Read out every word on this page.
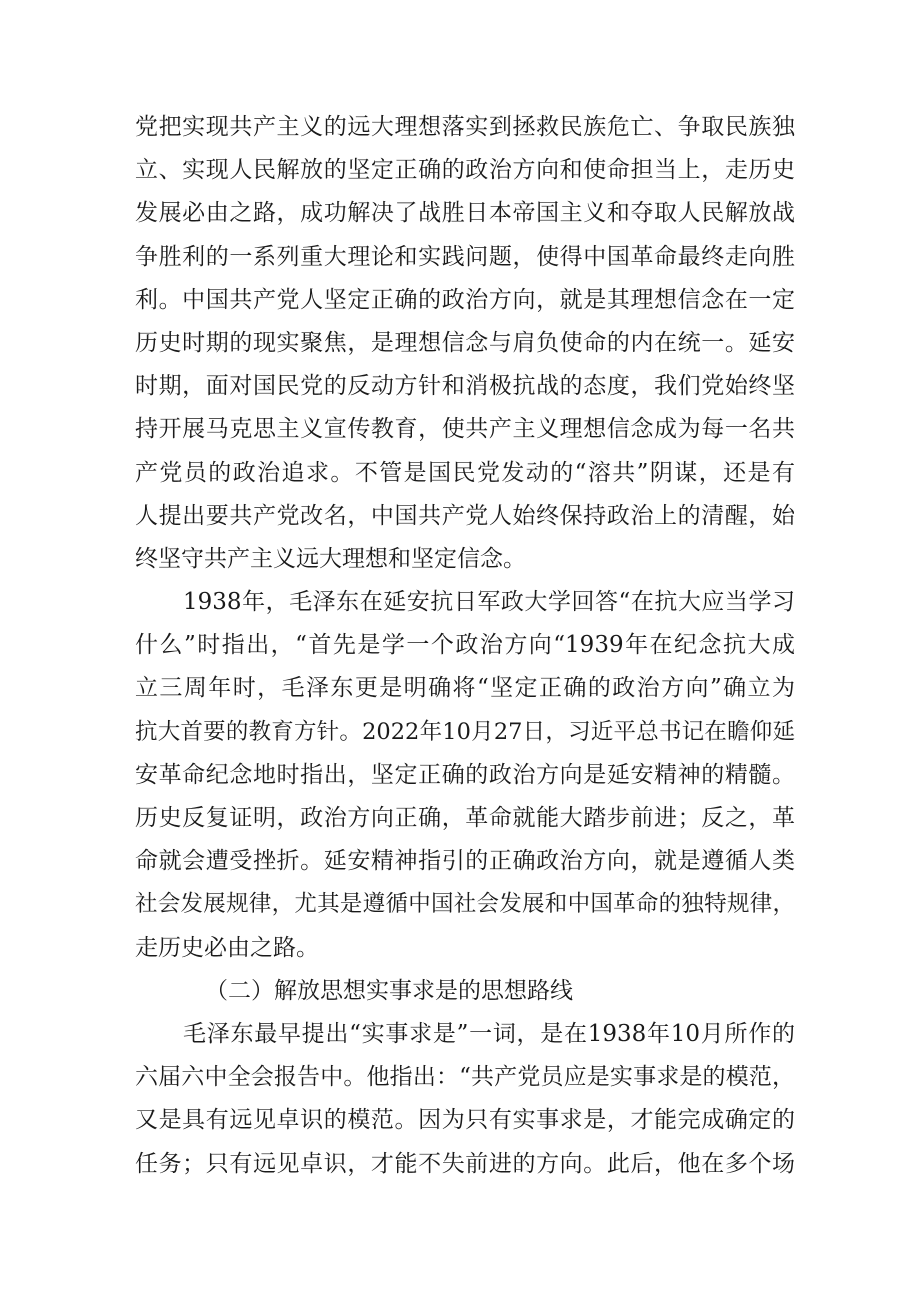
党把实现共产主义的远大理想落实到拯救民族危亡、争取民族独
立、实现人民解放的坚定正确的政治方向和使命担当上，走历史
发展必由之路，成功解决了战胜日本帝国主义和夺取人民解放战
争胜利的一系列重大理论和实践问题，使得中国革命最终走向胜
利。中国共产党人坚定正确的政治方向，就是其理想信念在一定
历史时期的现实聚焦，是理想信念与肩负使命的内在统一。延安
时期，面对国民党的反动方针和消极抗战的态度，我们党始终坚
持开展马克思主义宣传教育，使共产主义理想信念成为每一名共
产党员的政治追求。不管是国民党发动的“溶共”阴谋，还是有
人提出要共产党改名，中国共产党人始终保持政治上的清醒，始
终坚守共产主义远大理想和坚定信念。
1938年，毛泽东在延安抗日军政大学回答“在抗大应当学习
什么”时指出，“首先是学一个政治方向“1939年在纪念抗大成
立三周年时，毛泽东更是明确将“坚定正确的政治方向”确立为
抗大首要的教育方针。2022年10月27日，习近平总书记在瞻仰延
安革命纪念地时指出，坚定正确的政治方向是延安精神的精髓。
历史反复证明，政治方向正确，革命就能大踏步前进；反之，革
命就会遭受挫折。延安精神指引的正确政治方向，就是遵循人类
社会发展规律，尤其是遵循中国社会发展和中国革命的独特规律，
走历史必由之路。
（二）解放思想实事求是的思想路线
毛泽东最早提出“实事求是”一词，是在1938年10月所作的
六届六中全会报告中。他指出：“共产党员应是实事求是的模范，
又是具有远见卓识的模范。因为只有实事求是，才能完成确定的
任务；只有远见卓识，才能不失前进的方向。此后，他在多个场
